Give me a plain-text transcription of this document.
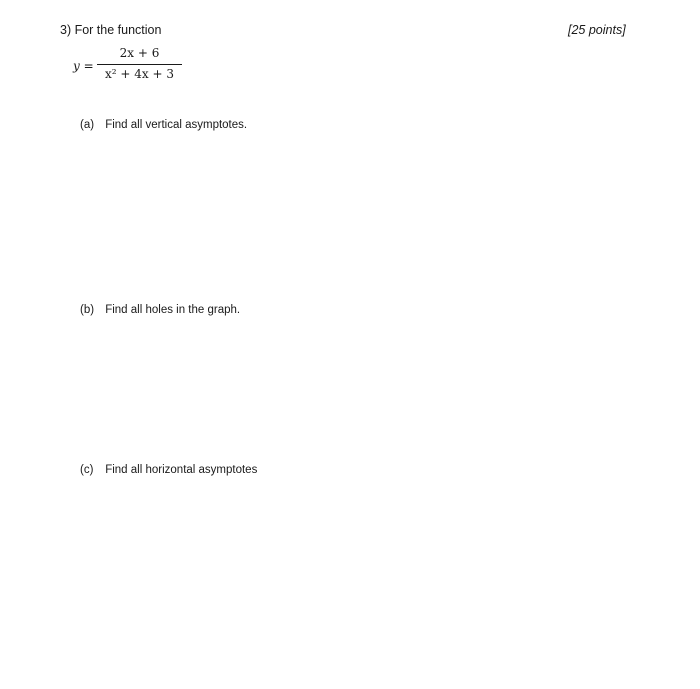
3) For the function	[25 points]
y =
2x + 6
x² + 4x + 3
(a) Find all vertical asymptotes.
(b) Find all holes in the graph.
(c) Find all horizontal asymptotes
